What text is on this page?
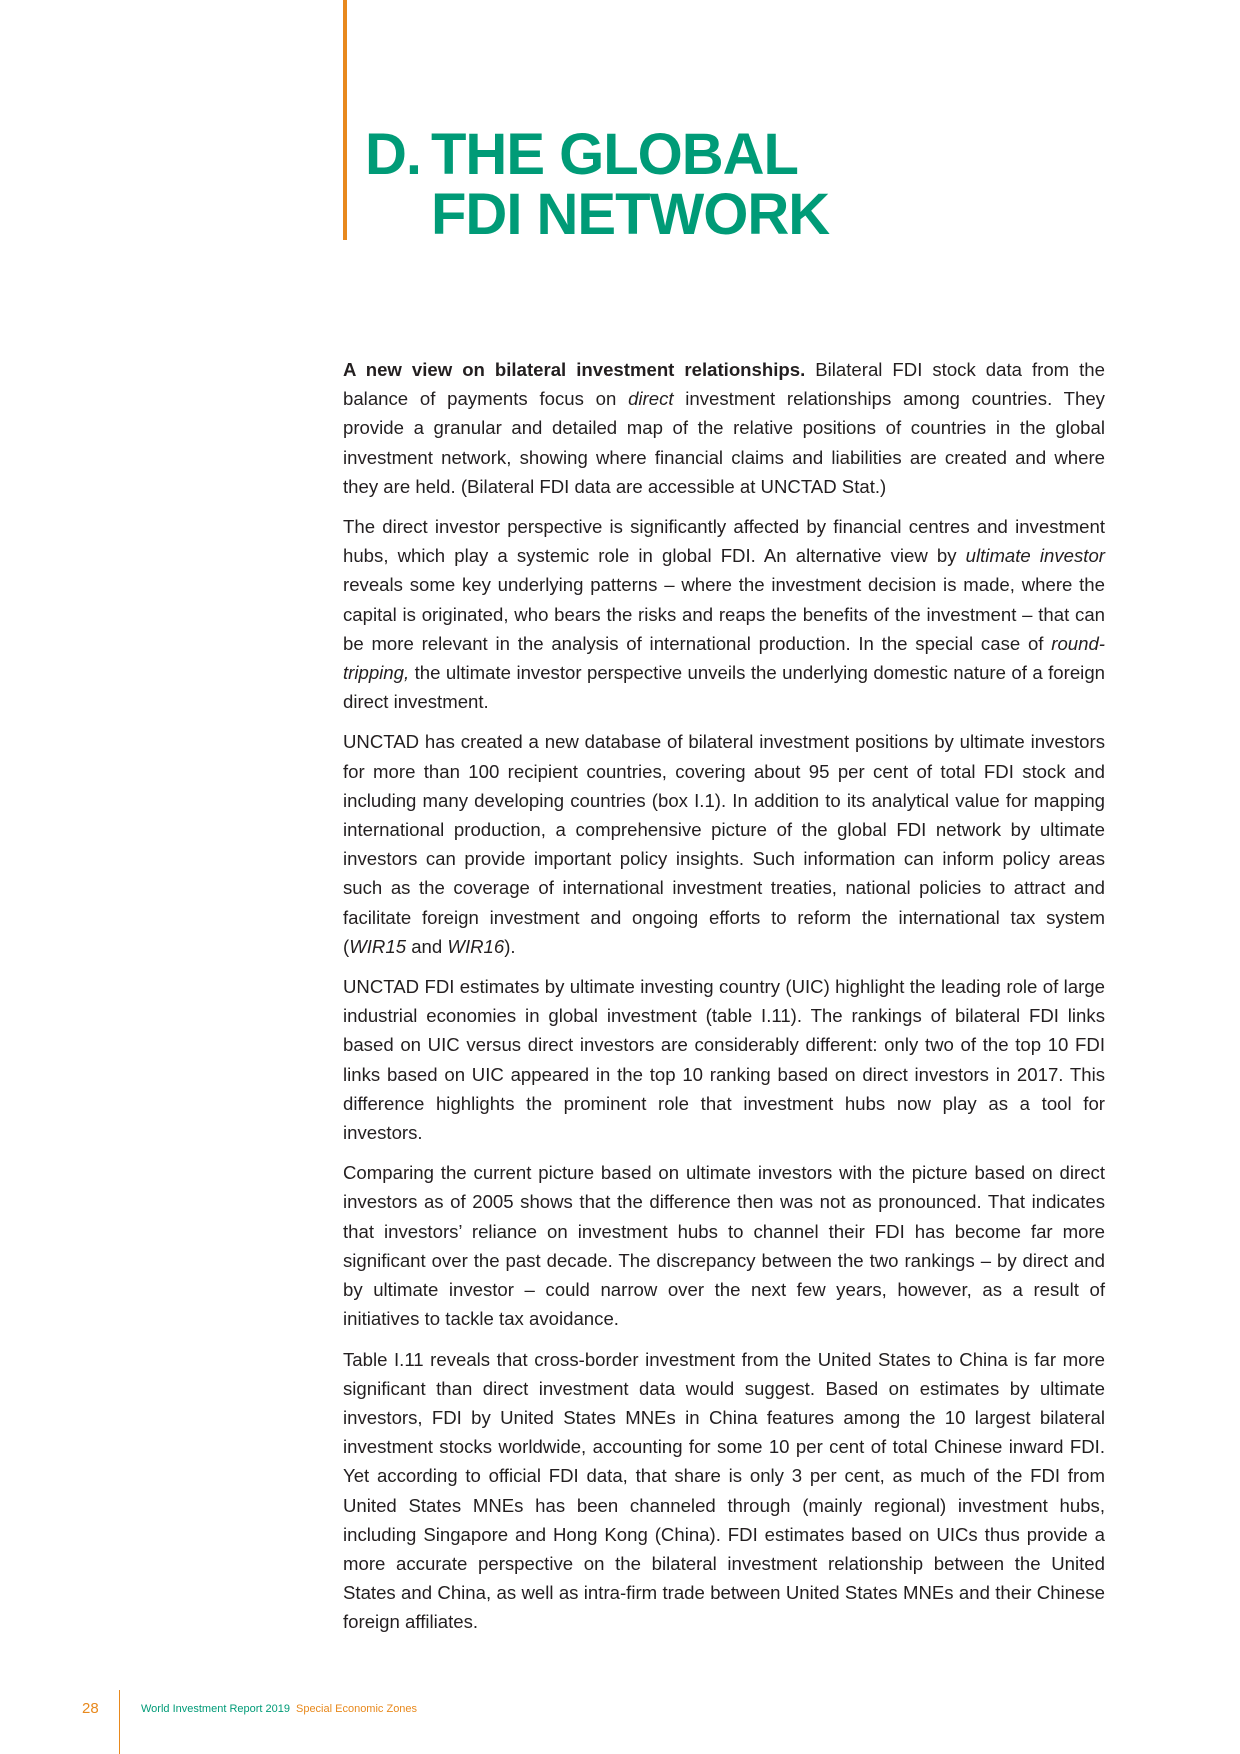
D. THE GLOBAL
FDI NETWORK

A new view on bilateral investment relationships. Bilateral FDI stock data from the balance of payments focus on direct investment relationships among countries. They provide a granular and detailed map of the relative positions of countries in the global investment network, showing where financial claims and liabilities are created and where they are held. (Bilateral FDI data are accessible at UNCTAD Stat.)

The direct investor perspective is significantly affected by financial centres and investment hubs, which play a systemic role in global FDI. An alternative view by ultimate investor reveals some key underlying patterns – where the investment decision is made, where the capital is originated, who bears the risks and reaps the benefits of the investment – that can be more relevant in the analysis of international production. In the special case of round-tripping, the ultimate investor perspective unveils the underlying domestic nature of a foreign direct investment.

UNCTAD has created a new database of bilateral investment positions by ultimate investors for more than 100 recipient countries, covering about 95 per cent of total FDI stock and including many developing countries (box I.1). In addition to its analytical value for mapping international production, a comprehensive picture of the global FDI network by ultimate investors can provide important policy insights. Such information can inform policy areas such as the coverage of international investment treaties, national policies to attract and facilitate foreign investment and ongoing efforts to reform the international tax system (WIR15 and WIR16).

UNCTAD FDI estimates by ultimate investing country (UIC) highlight the leading role of large industrial economies in global investment (table I.11). The rankings of bilateral FDI links based on UIC versus direct investors are considerably different: only two of the top 10 FDI links based on UIC appeared in the top 10 ranking based on direct investors in 2017. This difference highlights the prominent role that investment hubs now play as a tool for investors.

Comparing the current picture based on ultimate investors with the picture based on direct investors as of 2005 shows that the difference then was not as pronounced. That indicates that investors’ reliance on investment hubs to channel their FDI has become far more significant over the past decade. The discrepancy between the two rankings – by direct and by ultimate investor – could narrow over the next few years, however, as a result of initiatives to tackle tax avoidance.

Table I.11 reveals that cross-border investment from the United States to China is far more significant than direct investment data would suggest. Based on estimates by ultimate investors, FDI by United States MNEs in China features among the 10 largest bilateral investment stocks worldwide, accounting for some 10 per cent of total Chinese inward FDI. Yet according to official FDI data, that share is only 3 per cent, as much of the FDI from United States MNEs has been channeled through (mainly regional) investment hubs, including Singapore and Hong Kong (China). FDI estimates based on UICs thus provide a more accurate perspective on the bilateral investment relationship between the United States and China, as well as intra-firm trade between United States MNEs and their Chinese foreign affiliates.

28	World Investment Report 2019 Special Economic Zones
